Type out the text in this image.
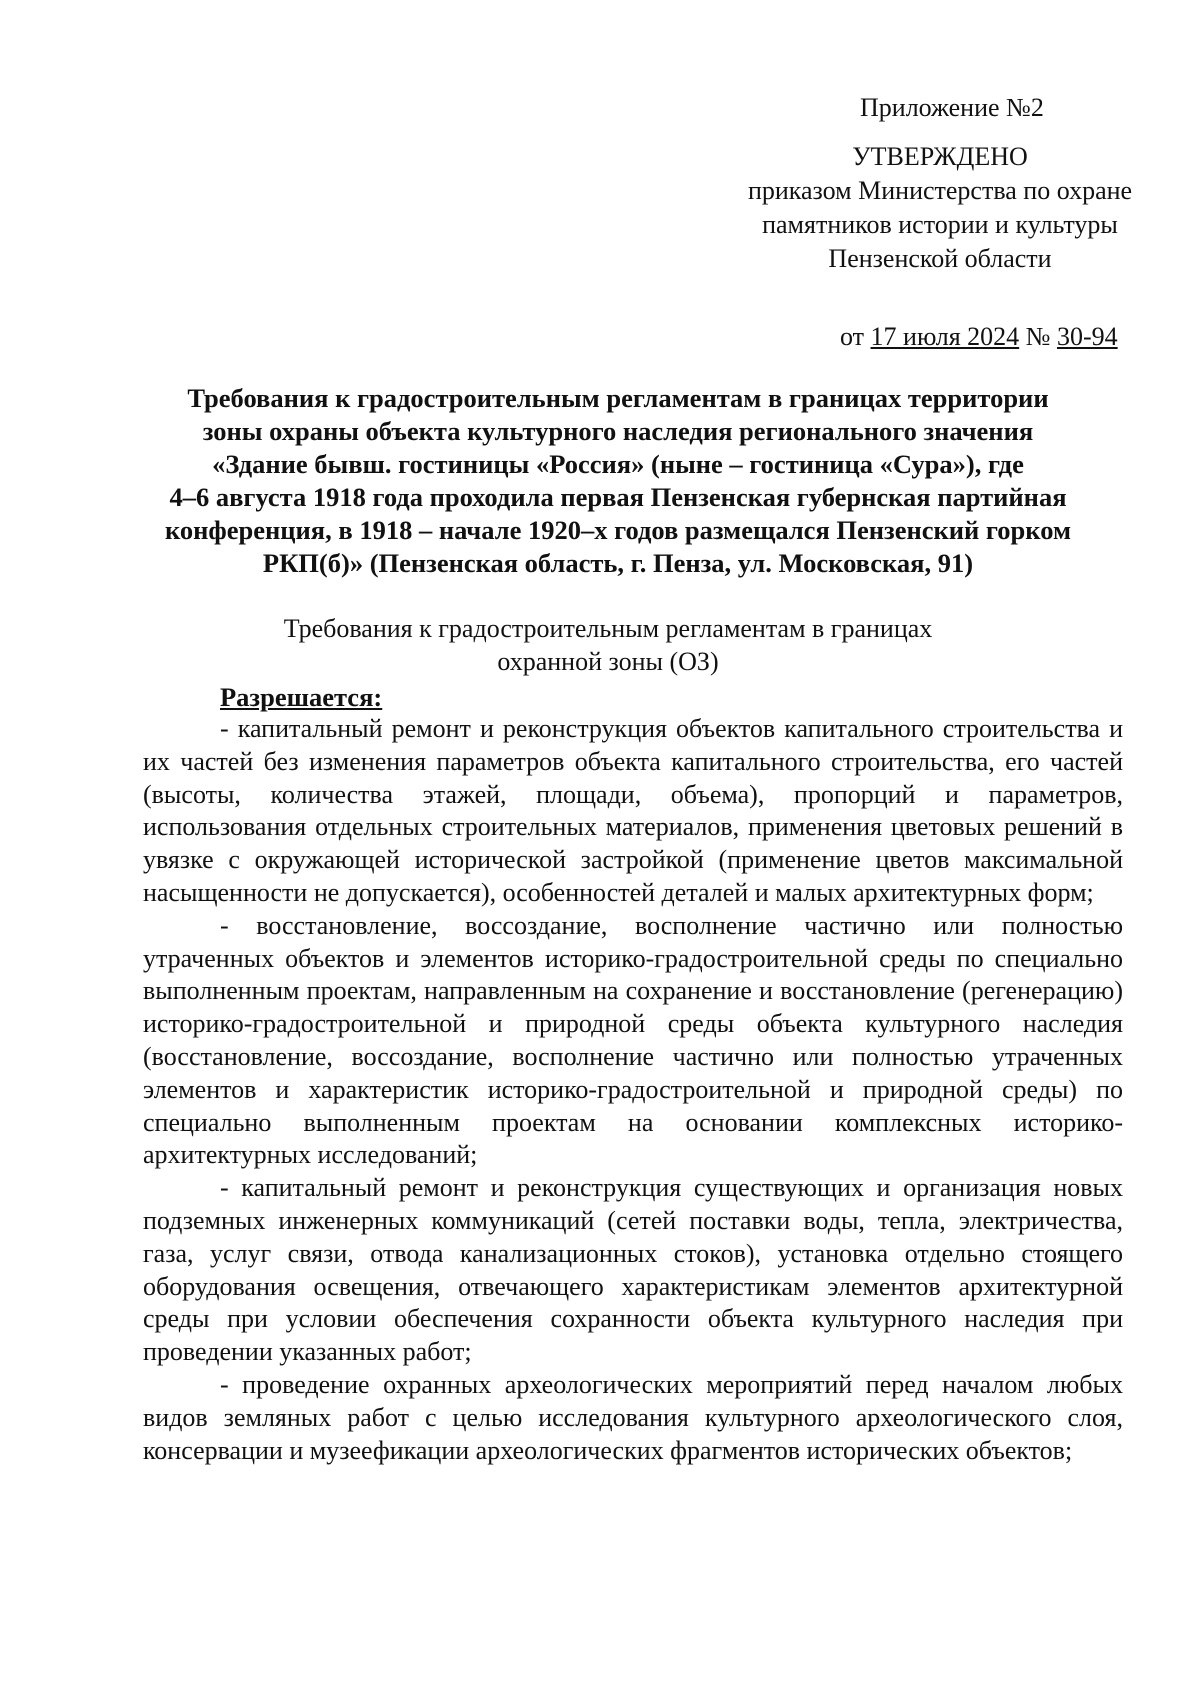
Приложение №2
УТВЕРЖДЕНО
приказом Министерства по охране
памятников истории и культуры
Пензенской области
от 17 июля 2024 № 30-94
Требования к градостроительным регламентам в границах территории
зоны охраны объекта культурного наследия регионального значения
«Здание бывш. гостиницы «Россия» (ныне – гостиница «Сура»), где
4–6 августа 1918 года проходила первая Пензенская губернская партийная
конференция, в 1918 – начале 1920–х годов размещался Пензенский горком
РКП(б)» (Пензенская область, г. Пенза, ул. Московская, 91)
Требования к градостроительным регламентам в границах
охранной зоны (ОЗ)
Разрешается:

- капитальный ремонт и реконструкция объектов капитального строительства и их частей без изменения параметров объекта капитального строительства, его частей (высоты, количества этажей, площади, объема), пропорций и параметров, использования отдельных строительных материалов, применения цветовых решений в увязке с окружающей исторической застройкой (применение цветов максимальной насыщенности не допускается), особенностей деталей и малых архитектурных форм;

- восстановление, воссоздание, восполнение частично или полностью утраченных объектов и элементов историко-градостроительной среды по специально выполненным проектам, направленным на сохранение и восстановление (регенерацию) историко-градостроительной и природной среды объекта культурного наследия (восстановление, воссоздание, восполнение частично или полностью утраченных элементов и характеристик историко-градостроительной и природной среды) по специально выполненным проектам на основании комплексных историко-архитектурных исследований;

- капитальный ремонт и реконструкция существующих и организация новых подземных инженерных коммуникаций (сетей поставки воды, тепла, электричества, газа, услуг связи, отвода канализационных стоков), установка отдельно стоящего оборудования освещения, отвечающего характеристикам элементов архитектурной среды при условии обеспечения сохранности объекта культурного наследия при проведении указанных работ;

- проведение охранных археологических мероприятий перед началом любых видов земляных работ с целью исследования культурного археологического слоя, консервации и музеефикации археологических фрагментов исторических объектов;
